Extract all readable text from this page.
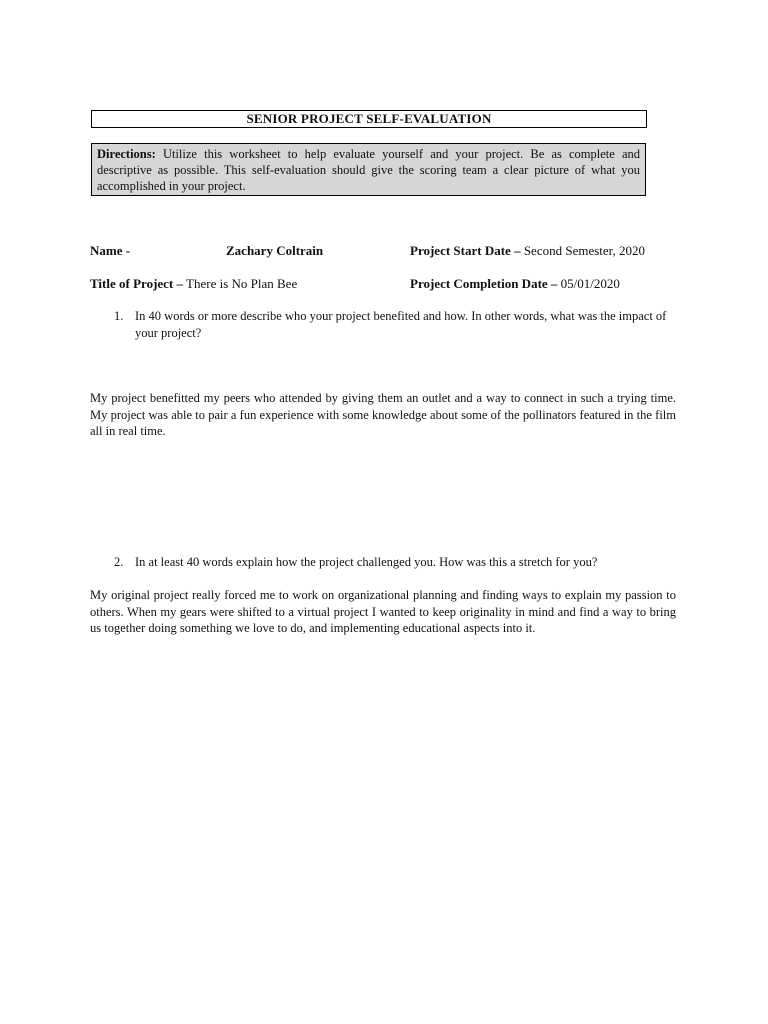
SENIOR PROJECT SELF-EVALUATION
Directions: Utilize this worksheet to help evaluate yourself and your project. Be as complete and descriptive as possible. This self-evaluation should give the scoring team a clear picture of what you accomplished in your project.
Name -	Zachary Coltrain	Project Start Date – Second Semester, 2020
Title of Project – There is No Plan Bee	Project Completion Date – 05/01/2020
1. In 40 words or more describe who your project benefited and how. In other words, what was the impact of your project?
My project benefitted my peers who attended by giving them an outlet and a way to connect in such a trying time. My project was able to pair a fun experience with some knowledge about some of the pollinators featured in the film all in real time.
2. In at least 40 words explain how the project challenged you. How was this a stretch for you?
My original project really forced me to work on organizational planning and finding ways to explain my passion to others. When my gears were shifted to a virtual project I wanted to keep originality in mind and find a way to bring us together doing something we love to do, and implementing educational aspects into it.
